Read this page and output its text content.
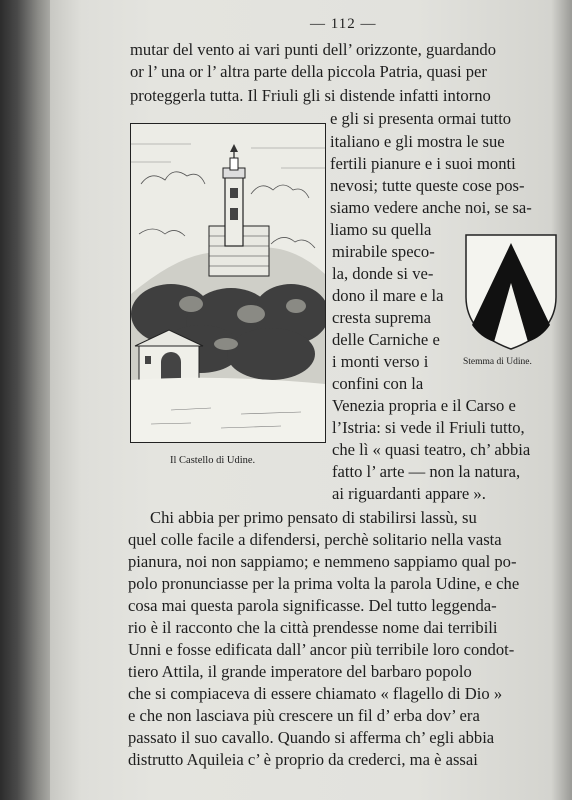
— 112 —
Il Castello di Udine.
Stemma di Udine.
mutar del vento ai vari punti dell’ orizzonte, guardando
or l’ una or l’ altra parte della piccola Patria, quasi per
proteggerla tutta. Il Friuli gli si distende infatti intorno
e gli si presenta ormai tutto
italiano e gli mostra le sue
fertili pianure e i suoi monti
nevosi; tutte queste cose pos-
siamo vedere anche noi, se sa-
liamo su quella
mirabile speco-
la, donde si ve-
dono il mare e la
cresta suprema
delle Carniche e
i monti verso i
confini con la
Venezia propria e il Carso e
l’Istria: si vede il Friuli tutto,
che lì « quasi teatro, ch’ abbia
fatto l’ arte — non la natura,
ai riguardanti appare ».
Chi abbia per primo pensato di stabilirsi lassù, su
quel colle facile a difendersi, perchè solitario nella vasta
pianura, noi non sappiamo; e nemmeno sappiamo qual po-
polo pronunciasse per la prima volta la parola Udine, e che
cosa mai questa parola significasse. Del tutto leggenda-
rio è il racconto che la città prendesse nome dai terribili
Unni e fosse edificata dall’ ancor più terribile loro condot-
tiero Attila, il grande imperatore del barbaro popolo
che si compiaceva di essere chiamato « flagello di Dio »
e che non lasciava più crescere un fil d’ erba dov’ era
passato il suo cavallo. Quando si afferma ch’ egli abbia
distrutto Aquileia c’ è proprio da crederci, ma è assai
